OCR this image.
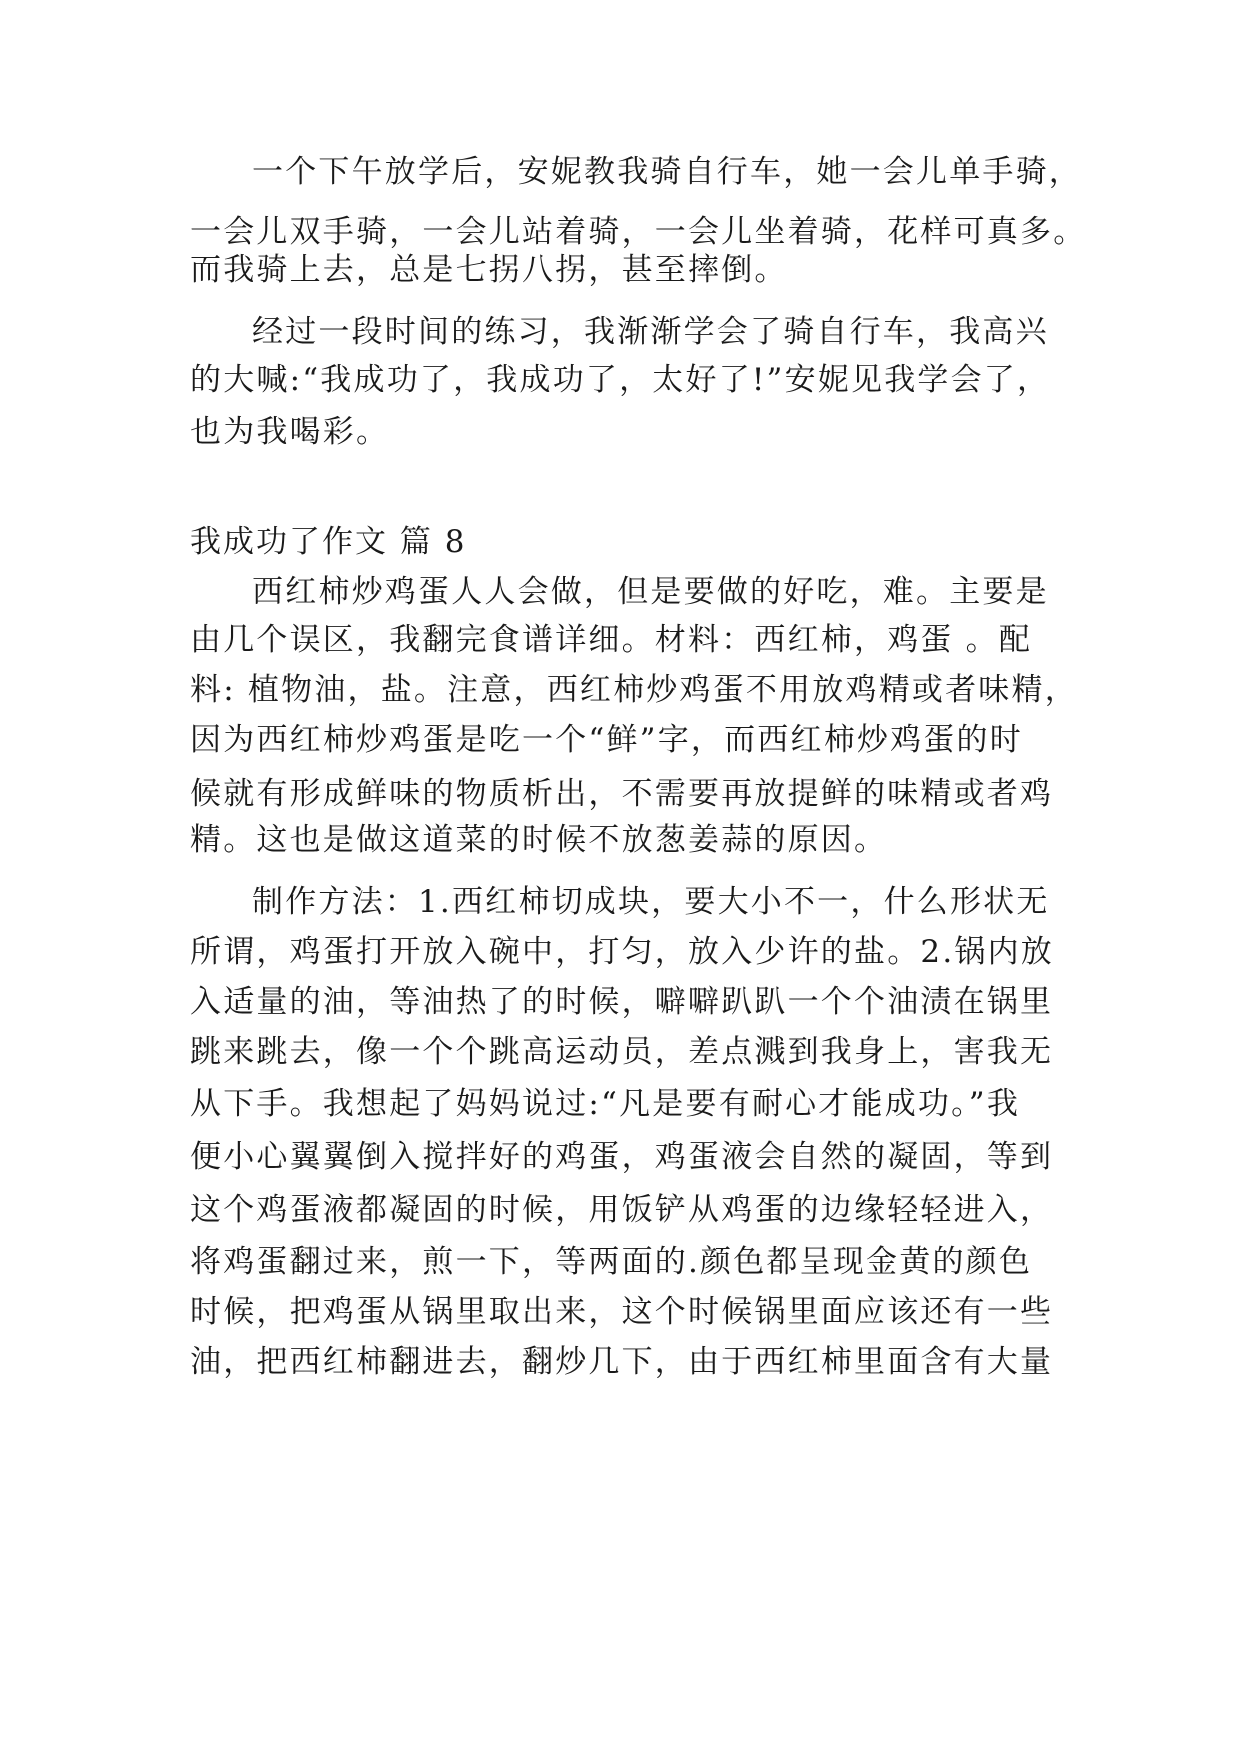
一个下午放学后，安妮教我骑自行车，她一会儿单手骑，
一会儿双手骑，一会儿站着骑，一会儿坐着骑，花样可真多。
而我骑上去，总是七拐八拐，甚至摔倒。
经过一段时间的练习，我渐渐学会了骑自行车，我高兴
的大喊:“我成功了，我成功了，太好了!”安妮见我学会了，
也为我喝彩。
我成功了作文 篇 8
西红柿炒鸡蛋人人会做，但是要做的好吃，难。主要是
由几个误区，我翻完食谱详细。材料：西红柿，鸡蛋 。配
料: 植物油，盐。注意，西红柿炒鸡蛋不用放鸡精或者味精，
因为西红柿炒鸡蛋是吃一个“鲜”字，而西红柿炒鸡蛋的时
候就有形成鲜味的物质析出，不需要再放提鲜的味精或者鸡
精。这也是做这道菜的时候不放葱姜蒜的原因。
制作方法：1.西红柿切成块，要大小不一，什么形状无
所谓，鸡蛋打开放入碗中，打匀，放入少许的盐。2.锅内放
入适量的油，等油热了的时候，噼噼趴趴一个个油渍在锅里
跳来跳去，像一个个跳高运动员，差点溅到我身上，害我无
从下手。我想起了妈妈说过:“凡是要有耐心才能成功。”我
便小心翼翼倒入搅拌好的鸡蛋，鸡蛋液会自然的凝固，等到
这个鸡蛋液都凝固的时候，用饭铲从鸡蛋的边缘轻轻进入，
将鸡蛋翻过来，煎一下，等两面的.颜色都呈现金黄的颜色
时候，把鸡蛋从锅里取出来，这个时候锅里面应该还有一些
油，把西红柿翻进去，翻炒几下，由于西红柿里面含有大量
